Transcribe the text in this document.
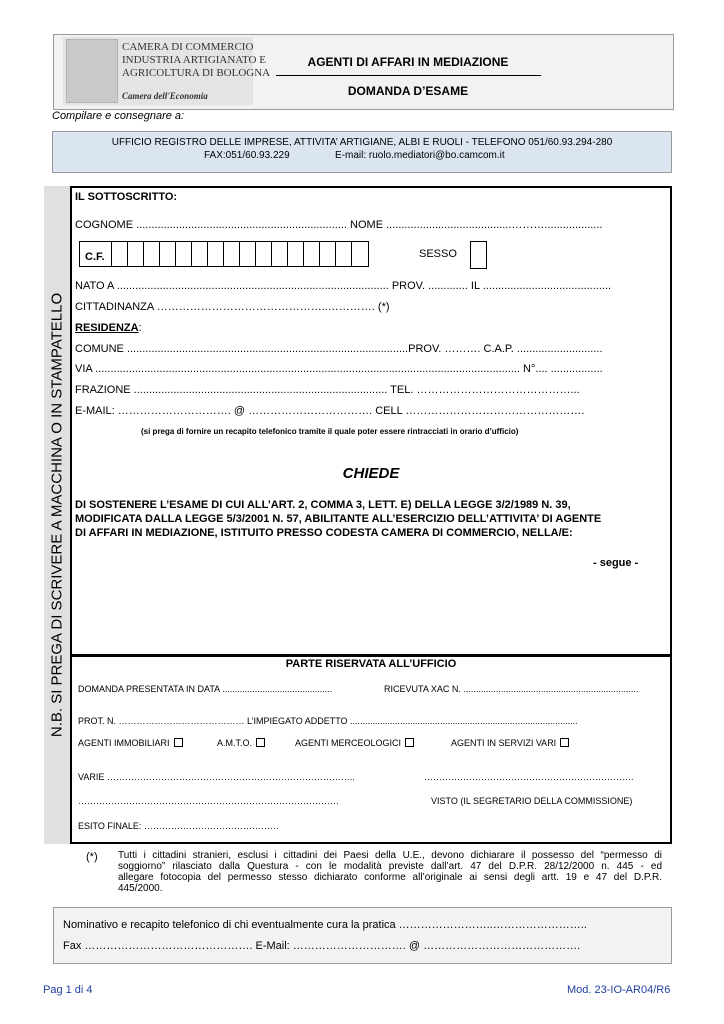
CAMERA DI COMMERCIO
INDUSTRIA ARTIGIANATO E
AGRICOLTURA DI BOLOGNA
Camera dell'Economia
AGENTI DI AFFARI IN MEDIAZIONE
DOMANDA D’ESAME
Compilare e consegnare a:
UFFICIO REGISTRO DELLE IMPRESE, ATTIVITA’ ARTIGIANE, ALBI E RUOLI - TELEFONO 051/60.93.294-280
FAX:051/60.93.229	E-mail: ruolo.mediatori@bo.camcom.it
N.B. SI PREGA DI SCRIVERE A MACCHINA O IN STAMPATELLO
IL SOTTOSCRITTO:
COGNOME ..................................................................... NOME .........................................………...................
C.F.	SESSO
NATO A ......................................................................................... PROV. ............. IL ..........................................
CITTADINANZA ………………………………………..…………. (*)
RESIDENZA:
COMUNE ............................................................................................PROV. ………. C.A.P. ............................
VIA ........................................................................................................................................... N°.... .................
FRAZIONE ................................................................................... TEL. ……………………………………...
E-MAIL: …………………………. @ ……………………………. CELL ………………………………………….
(si prega di fornire un recapito telefonico tramite il quale poter essere rintracciati in orario d’ufficio)
CHIEDE
DI SOSTENERE L’ESAME DI CUI ALL’ART. 2, COMMA 3, LETT. E) DELLA LEGGE 3/2/1989 N. 39,
MODIFICATA DALLA LEGGE 5/3/2001 N. 57, ABILITANTE ALL’ESERCIZIO DELL’ATTIVITA’ DI AGENTE
DI AFFARI IN MEDIAZIONE, ISTITUITO PRESSO CODESTA CAMERA DI COMMERCIO, NELLA/E:
- segue -
PARTE RISERVATA ALL’UFFICIO
DOMANDA PRESENTATA IN DATA ............................................	RICEVUTA XAC N. ......................................................................
PROT. N. …………………………………… L’IMPIEGATO ADDETTO ...........................................................................................
AGENTI IMMOBILIARI	A.M.T.O.	AGENTI MERCEOLOGICI	AGENTI IN SERVIZI VARI
VARIE ………………………………………………………………………..	…………………………………………………………….
……………………………………………………………………………	VISTO (IL SEGRETARIO DELLA COMMISSIONE)
ESITO FINALE: ………………………………………
(*) Tutti i cittadini stranieri, esclusi i cittadini dei Paesi della U.E., devono dichiarare il possesso del “permesso di
soggiorno” rilasciato dalla Questura - con le modalità previste dall’art. 47 del D.P.R. 28/12/2000 n. 445 - ed
allegare fotocopia del permesso stesso dichiarato conforme all’originale ai sensi degli artt. 19 e 47 del D.P.R.
445/2000.
Nominativo e recapito telefonico di chi eventualmente cura la pratica ……………………..……………………..
Fax ………………………………………. E-Mail: …………………………. @ …………………………………….
Pag 1 di 4	Mod. 23-IO-AR04/R6
